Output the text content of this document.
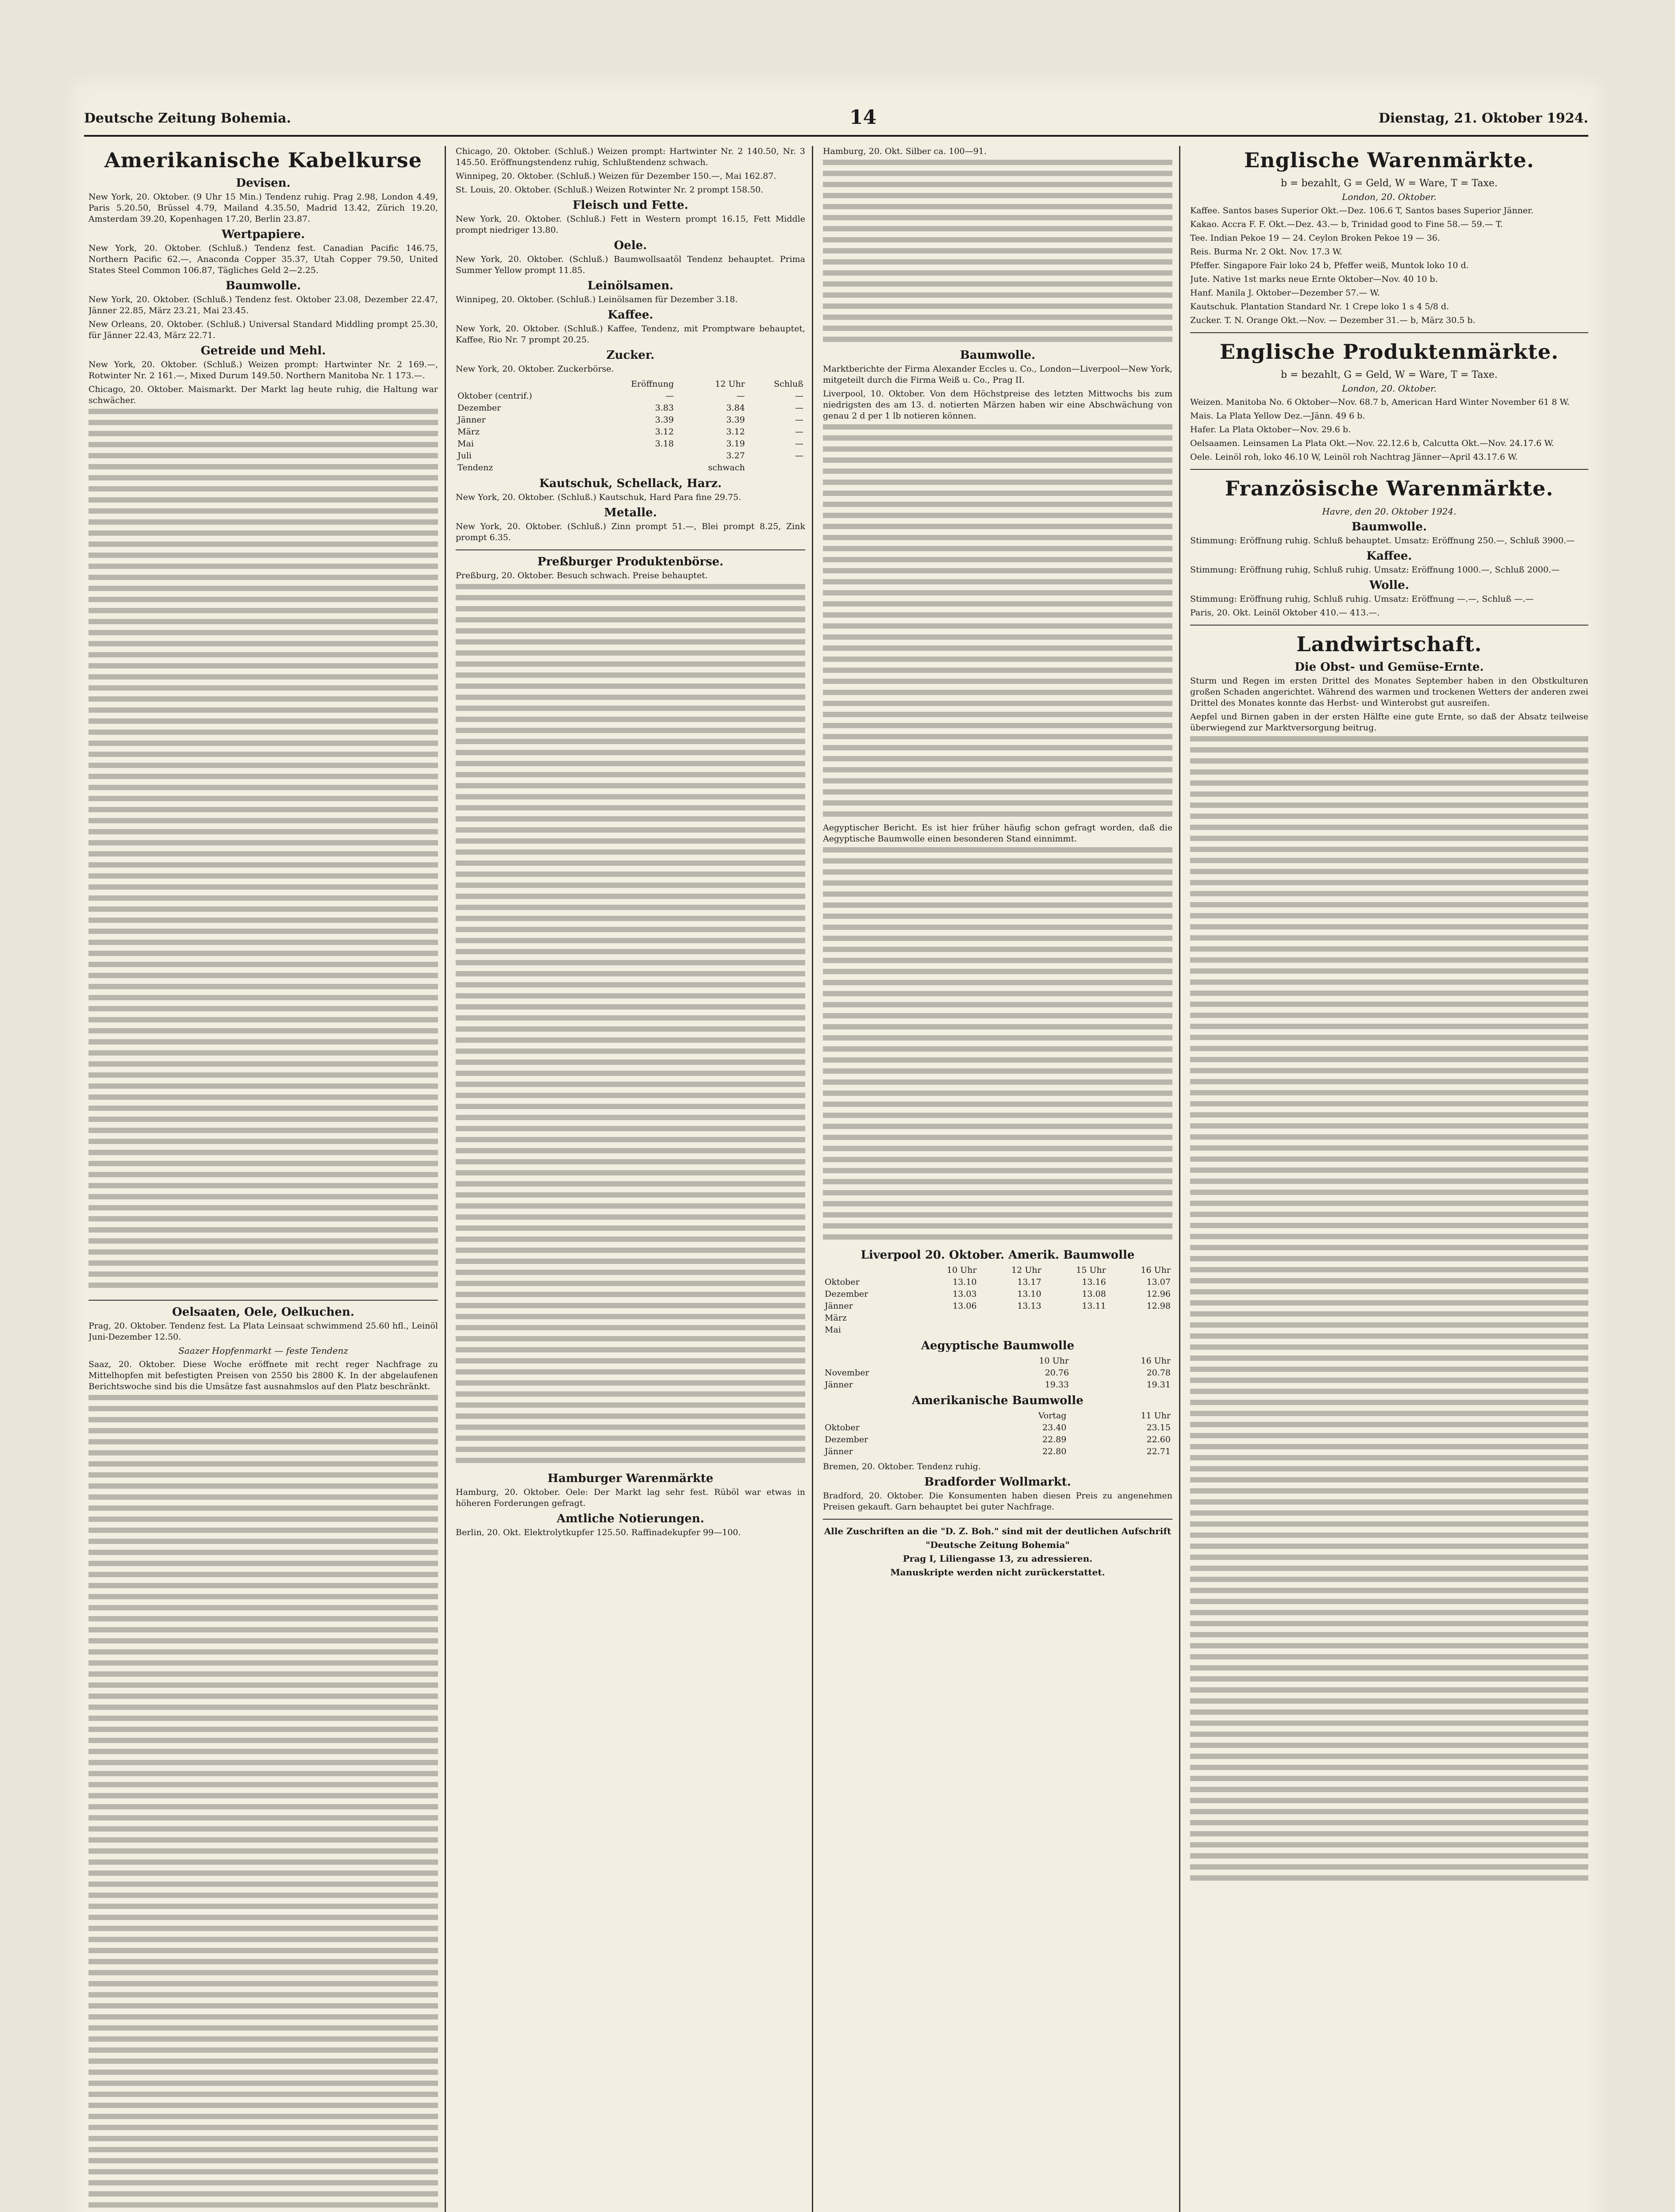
Deutsche Zeitung Bohemia.	14	Dienstag, 21. Oktober 1924.
Amerikanische Kabelkurse
Devisen.

New York, 20. Oktober. (9 Uhr 15 Min.) Tendenz ruhig. Prag 2.98, London 4.49, Paris 5.20.50, Brüssel 4.79, Mailand 4.35.50, Madrid 13.42, Zürich 19.20, Amsterdam 39.20, Kopenhagen 17.20, Berlin 23.87.

Wertpapiere.

New York, 20. Oktober. (Schluß.) Tendenz fest. Canadian Pacific 146.75, Northern Pacific 62.—, Anaconda Copper 35.37, Utah Copper 79.50, United States Steel Common 106.87, Tägliches Geld 2—2.25.

Baumwolle.

New York, 20. Oktober. (Schluß.) Tendenz fest. Oktober 23.08, Dezember 22.47, Jänner 22.85, März 23.21, Mai 23.45.

New Orleans, 20. Oktober. (Schluß.) Universal Standard Middling prompt 25.30, für Jänner 22.43, März 22.71.

Getreide und Mehl.

New York, 20. Oktober. (Schluß.) Weizen prompt: Hartwinter Nr. 2 169.—, Rotwinter Nr. 2 161.—, Mixed Durum 149.50. Northern Manitoba Nr. 1 173.—.

Chicago, 20. Oktober. Maismarkt. Der Markt lag heute ruhig, die Haltung war schwächer.

Oelsaaten, Oele, Oelkuchen.

Prag, 20. Oktober. Tendenz fest. La Plata Leinsaat schwimmend 25.60 hfl., Leinöl Juni-Dezember 12.50.

Saazer Hopfenmarkt — feste Tendenz

Saaz, 20. Oktober. Diese Woche eröffnete mit recht reger Nachfrage zu Mittelhopfen mit befestigten Preisen von 2550 bis 2800 K. In der abgelaufenen Berichtswoche sind bis die Umsätze fast ausnahmslos auf den Platz beschränkt.

Chicago, 20. Oktober. (Schluß.) Weizen prompt: Hartwinter Nr. 2 140.50, Nr. 3 145.50. Eröffnungstendenz ruhig, Schlußtendenz schwach.

Winnipeg, 20. Oktober. (Schluß.) Weizen für Dezember 150.—, Mai 162.87.

St. Louis, 20. Oktober. (Schluß.) Weizen Rotwinter Nr. 2 prompt 158.50.

Fleisch und Fette.

New York, 20. Oktober. (Schluß.) Fett in Western prompt 16.15, Fett Middle prompt niedriger 13.80.

Oele.

New York, 20. Oktober. (Schluß.) Baumwollsaatöl Tendenz behauptet. Prima Summer Yellow prompt 11.85.

Leinölsamen.

Winnipeg, 20. Oktober. (Schluß.) Leinölsamen für Dezember 3.18.

Kaffee.

New York, 20. Oktober. (Schluß.) Kaffee, Tendenz, mit Promptware behauptet, Kaffee, Rio Nr. 7 prompt 20.25.

Zucker.

New York, 20. Oktober. Zuckerbörse.

	Eröffnung	12 Uhr	Schluß
Oktober (centrif.)	—	—	—
Dezember	3.83	3.84	—
Jänner	3.39	3.39	—
März	3.12	3.12	—
Mai	3.18	3.19	—
Juli		3.27	—
Tendenz		schwach	
Kautschuk, Schellack, Harz.

New York, 20. Oktober. (Schluß.) Kautschuk, Hard Para fine 29.75.

Metalle.

New York, 20. Oktober. (Schluß.) Zinn prompt 51.—, Blei prompt 8.25, Zink prompt 6.35.

Preßburger Produktenbörse.

Preßburg, 20. Oktober. Besuch schwach. Preise behauptet.

Hamburger Warenmärkte

Hamburg, 20. Oktober. Oele: Der Markt lag sehr fest. Rüböl war etwas in höheren Forderungen gefragt.

Amtliche Notierungen.

Berlin, 20. Okt. Elektrolytkupfer 125.50. Raffinadekupfer 99—100.

Hamburg, 20. Okt. Silber ca. 100—91.

Baumwolle.

Marktberichte der Firma Alexander Eccles u. Co., London—Liverpool—New York, mitgeteilt durch die Firma Weiß u. Co., Prag II.

Liverpool, 10. Oktober. Von dem Höchstpreise des letzten Mittwochs bis zum niedrigsten des am 13. d. notierten Märzen haben wir eine Abschwächung von genau 2 d per 1 lb notieren können.

Aegyptischer Bericht. Es ist hier früher häufig schon gefragt worden, daß die Aegyptische Baumwolle einen besonderen Stand einnimmt.

Liverpool 20. Oktober. Amerik. Baumwolle
	10 Uhr	12 Uhr	15 Uhr	16 Uhr
Oktober	13.10	13.17	13.16	13.07
Dezember	13.03	13.10	13.08	12.96
Jänner	13.06	13.13	13.11	12.98
März				
Mai				
Aegyptische Baumwolle
	10 Uhr	16 Uhr
November	20.76	20.78
Jänner	19.33	19.31
Amerikanische Baumwolle
	Vortag	11 Uhr
Oktober	23.40	23.15
Dezember	22.89	22.60
Jänner	22.80	22.71

Bremen, 20. Oktober. Tendenz ruhig.

Bradforder Wollmarkt.

Bradford, 20. Oktober. Die Konsumenten haben diesen Preis zu angenehmen Preisen gekauft. Garn behauptet bei guter Nachfrage.

Alle Zuschriften an die "D. Z. Boh." sind mit der deutlichen Aufschrift

"Deutsche Zeitung Bohemia"

Prag I, Liliengasse 13, zu adressieren.

Manuskripte werden nicht zurückerstattet.

Englische Warenmärkte.
b = bezahlt, G = Geld, W = Ware, T = Taxe.
London, 20. Oktober.

Kaffee. Santos bases Superior Okt.—Dez. 106.6 T, Santos bases Superior Jänner.

Kakao. Accra F. F. Okt.—Dez. 43.— b, Trinidad good to Fine 58.— 59.— T.

Tee. Indian Pekoe 19 — 24. Ceylon Broken Pekoe 19 — 36.

Reis. Burma Nr. 2 Okt. Nov. 17.3 W.

Pfeffer. Singapore Fair loko 24 b, Pfeffer weiß, Muntok loko 10 d.

Jute. Native 1st marks neue Ernte Oktober—Nov. 40 10 b.

Hanf. Manila J. Oktober—Dezember 57.— W.

Kautschuk. Plantation Standard Nr. 1 Crepe loko 1 s 4 5/8 d.

Zucker. T. N. Orange Okt.—Nov. — Dezember 31.— b, März 30.5 b.

Englische Produktenmärkte.
b = bezahlt, G = Geld, W = Ware, T = Taxe.
London, 20. Oktober.

Weizen. Manitoba No. 6 Oktober—Nov. 68.7 b, American Hard Winter November 61 8 W.

Mais. La Plata Yellow Dez.—Jänn. 49 6 b.

Hafer. La Plata Oktober—Nov. 29.6 b.

Oelsaamen. Leinsamen La Plata Okt.—Nov. 22.12.6 b, Calcutta Okt.—Nov. 24.17.6 W.

Oele. Leinöl roh, loko 46.10 W, Leinöl roh Nachtrag Jänner—April 43.17.6 W.

Französische Warenmärkte.
Havre, den 20. Oktober 1924.
Baumwolle.

Stimmung: Eröffnung ruhig. Schluß behauptet. Umsatz: Eröffnung 250.—, Schluß 3900.—

Kaffee.

Stimmung: Eröffnung ruhig, Schluß ruhig. Umsatz: Eröffnung 1000.—, Schluß 2000.—

Wolle.

Stimmung: Eröffnung ruhig, Schluß ruhig. Umsatz: Eröffnung —.—, Schluß —.—

Paris, 20. Okt. Leinöl Oktober 410.— 413.—.

Landwirtschaft.
Die Obst- und Gemüse-Ernte.

Sturm und Regen im ersten Drittel des Monates September haben in den Obstkulturen großen Schaden angerichtet. Während des warmen und trockenen Wetters der anderen zwei Drittel des Monates konnte das Herbst- und Winterobst gut ausreifen.

Aepfel und Birnen gaben in der ersten Hälfte eine gute Ernte, so daß der Absatz teilweise überwiegend zur Marktversorgung beitrug.
